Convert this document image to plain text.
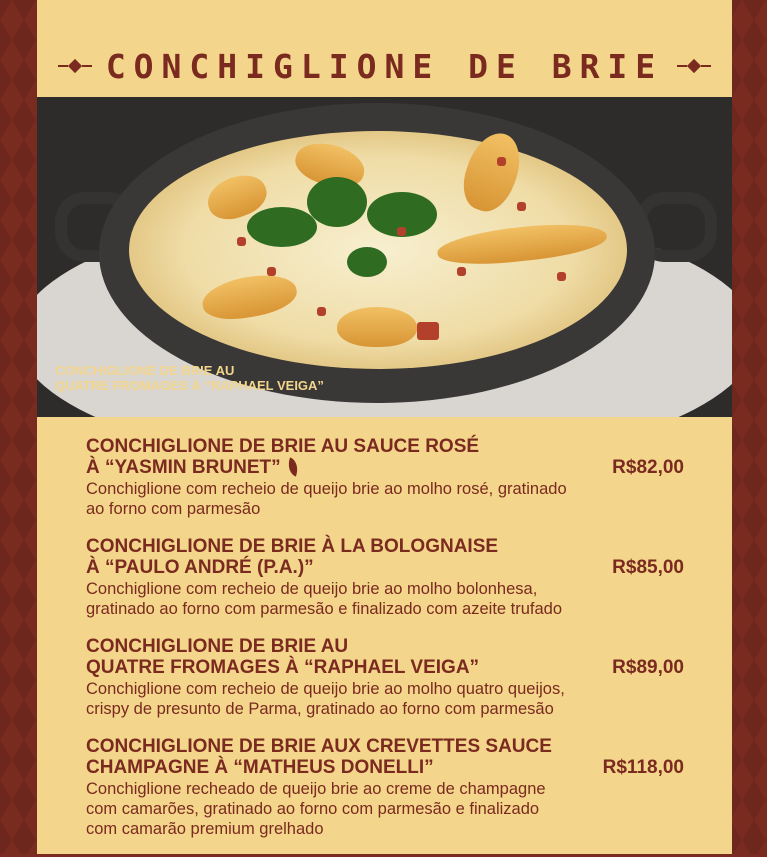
CONCHIGLIONE DE BRIE
CONCHIGLIONE DE BRIE AU
QUATRE FROMAGES À “RAPHAEL VEIGA”
CONCHIGLIONE DE BRIE AU SAUCE ROSÉ
À “YASMIN BRUNET”	R$82,00
Conchiglione com recheio de queijo brie ao molho rosé, gratinado
ao forno com parmesão
CONCHIGLIONE DE BRIE À LA BOLOGNAISE
À “PAULO ANDRÉ (P.A.)”	R$85,00
Conchiglione com recheio de queijo brie ao molho bolonhesa,
gratinado ao forno com parmesão e finalizado com azeite trufado
CONCHIGLIONE DE BRIE AU
QUATRE FROMAGES À “RAPHAEL VEIGA”	R$89,00
Conchiglione com recheio de queijo brie ao molho quatro queijos,
crispy de presunto de Parma, gratinado ao forno com parmesão
CONCHIGLIONE DE BRIE AUX CREVETTES SAUCE
CHAMPAGNE À “MATHEUS DONELLI”	R$118,00
Conchiglione recheado de queijo brie ao creme de champagne
com camarões, gratinado ao forno com parmesão e finalizado
com camarão premium grelhado
